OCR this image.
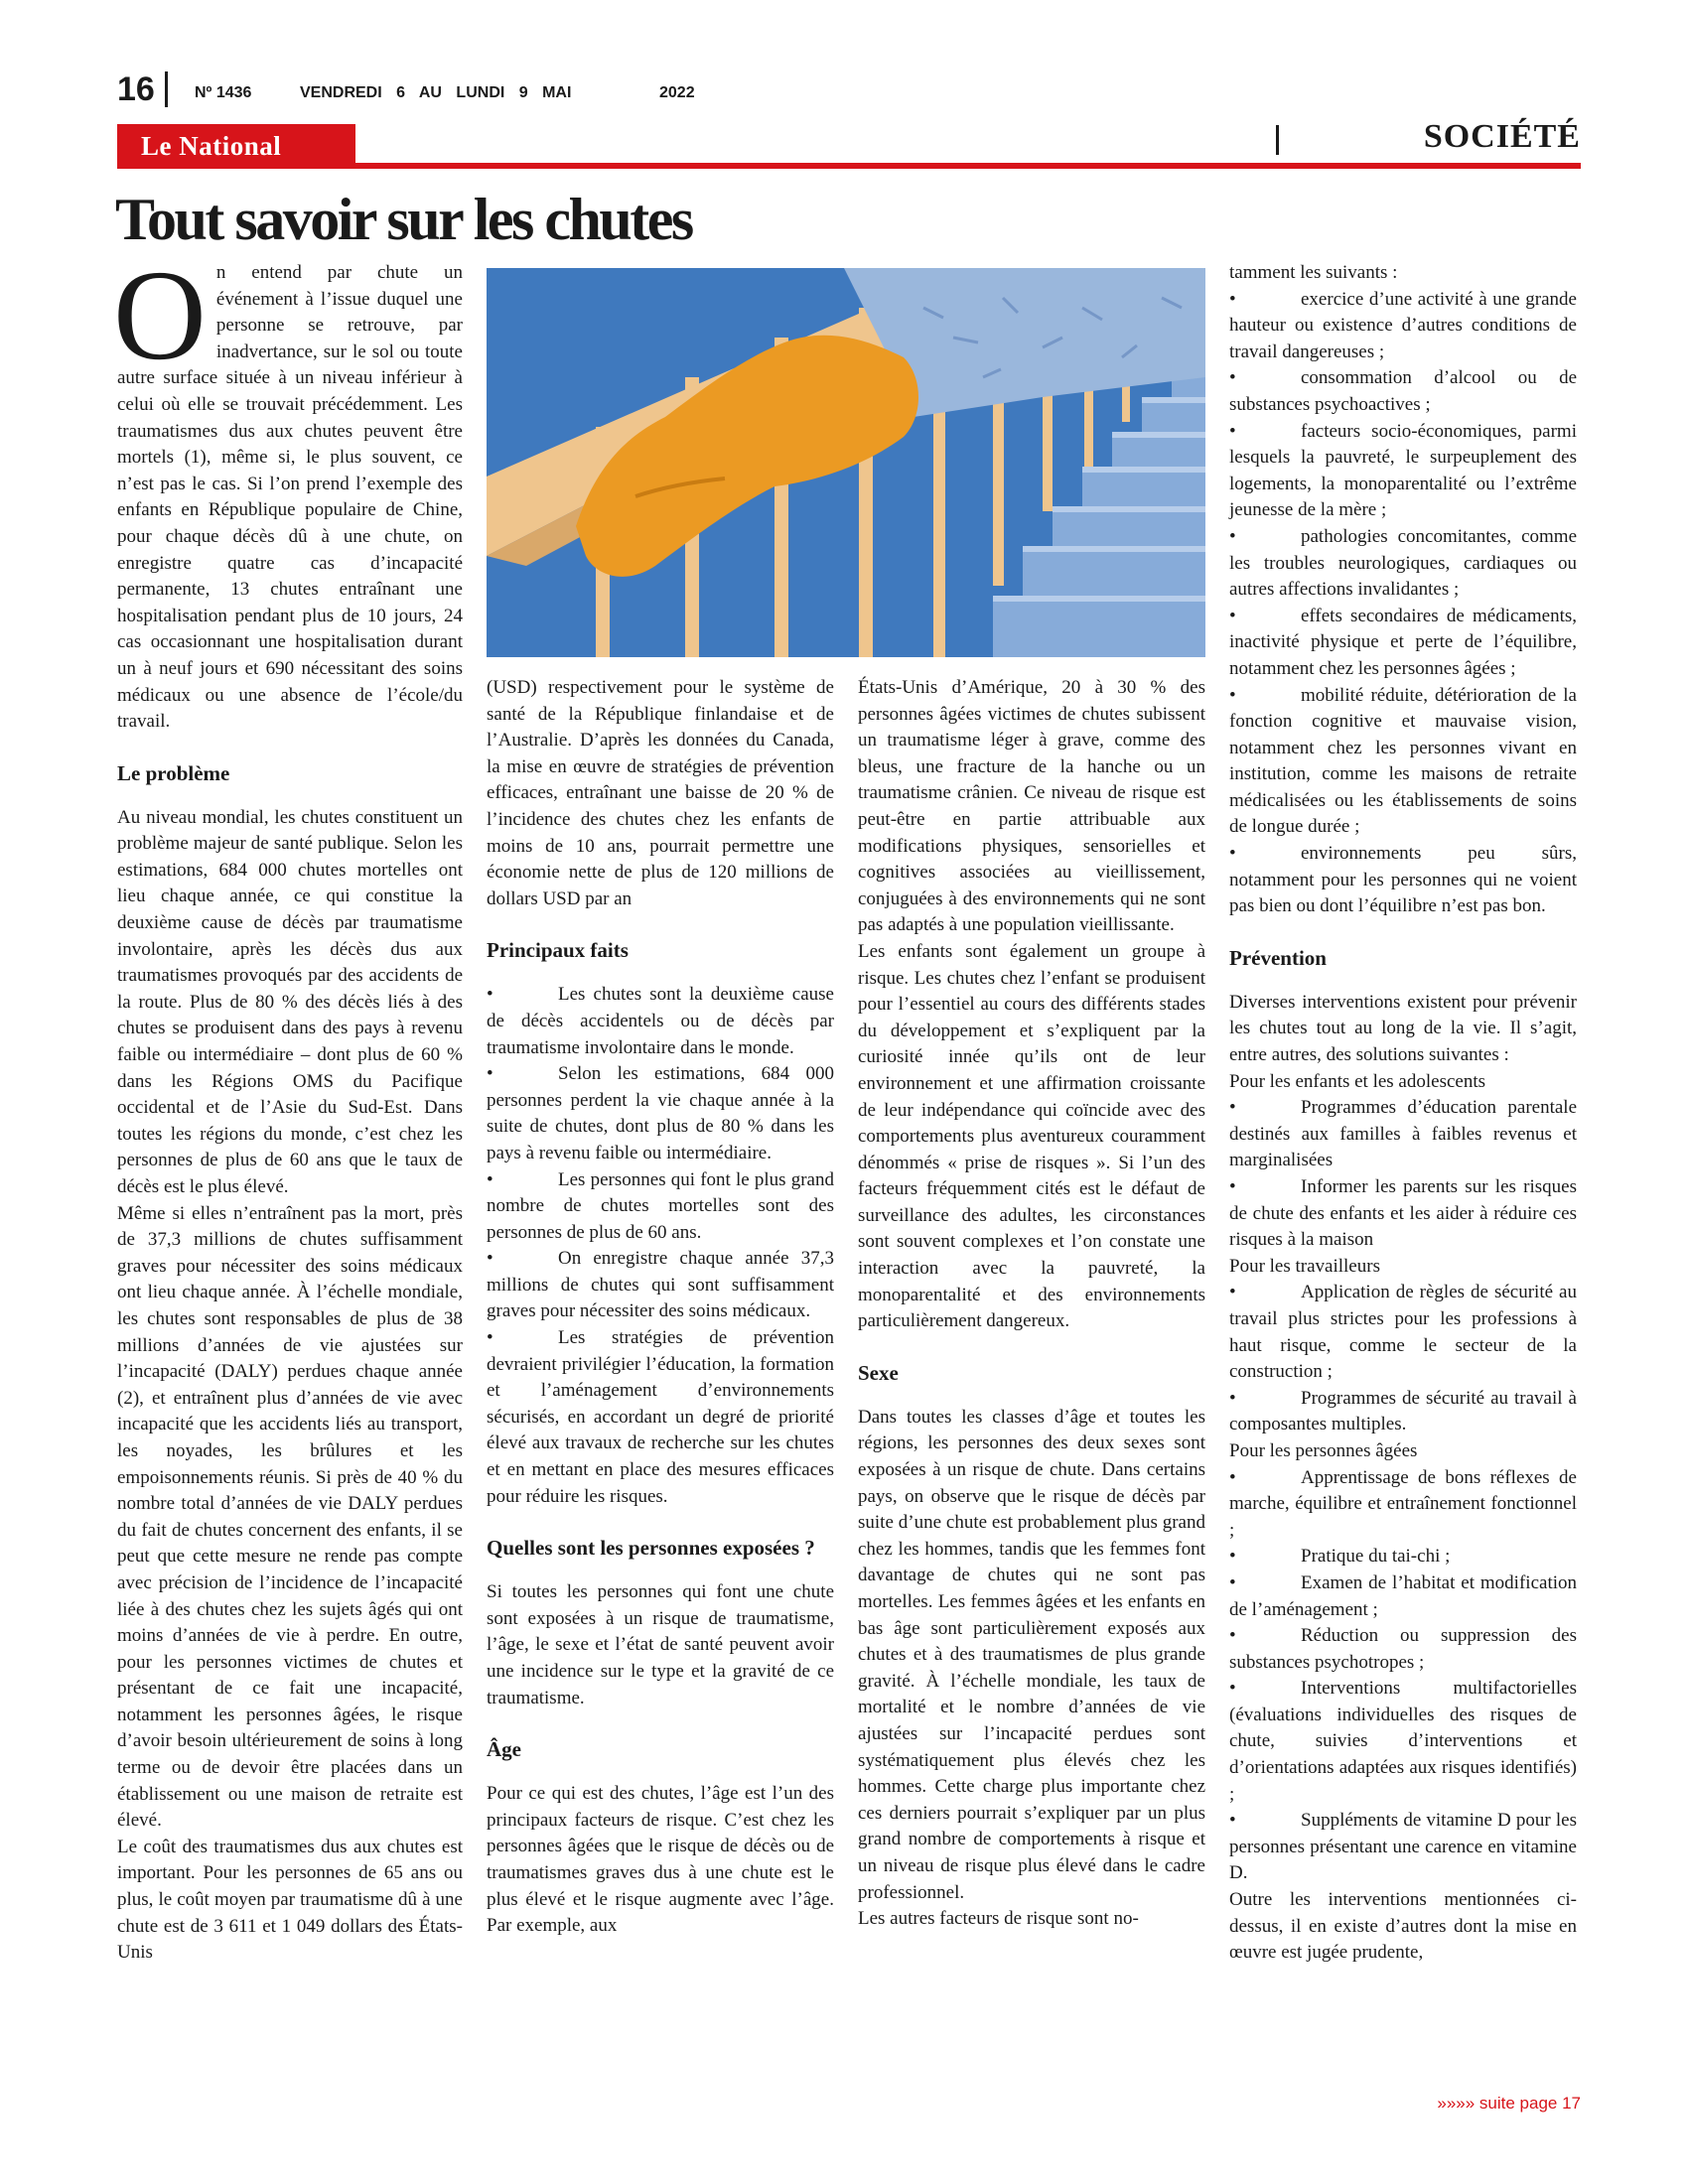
16	Nº 1436	VENDREDI 6 AU LUNDI 9 MAI	2022
Le National	SOCIÉTÉ
Tout savoir sur les chutes
O n entend par chute un événement à l’issue duquel une personne se retrouve, par inadvertance, sur le sol ou toute autre surface située à un niveau inférieur à celui où elle se trouvait précédemment. Les traumatismes dus aux chutes peuvent être mortels (1), même si, le plus souvent, ce n’est pas le cas. Si l’on prend l’exemple des enfants en République populaire de Chine, pour chaque décès dû à une chute, on enregistre quatre cas d’incapacité permanente, 13 chutes entraînant une hospitalisation pendant plus de 10 jours, 24 cas occasionnant une hospitalisation durant un à neuf jours et 690 nécessitant des soins médicaux ou une absence de l’école/du travail.

Le problème

Au niveau mondial, les chutes constituent un problème majeur de santé publique. Selon les estimations, 684 000 chutes mortelles ont lieu chaque année, ce qui constitue la deuxième cause de décès par traumatisme involontaire, après les décès dus aux traumatismes provoqués par des accidents de la route. Plus de 80 % des décès liés à des chutes se produisent dans des pays à revenu faible ou intermédiaire – dont plus de 60 % dans les Régions OMS du Pacifique occidental et de l’Asie du Sud-Est. Dans toutes les régions du monde, c’est chez les personnes de plus de 60 ans que le taux de décès est le plus élevé.

Même si elles n’entraînent pas la mort, près de 37,3 millions de chutes suffisamment graves pour nécessiter des soins médicaux ont lieu chaque année. À l’échelle mondiale, les chutes sont responsables de plus de 38 millions d’années de vie ajustées sur l’incapacité (DALY) perdues chaque année (2), et entraînent plus d’années de vie avec incapacité que les accidents liés au transport, les noyades, les brûlures et les empoisonnements réunis. Si près de 40 % du nombre total d’années de vie DALY perdues du fait de chutes concernent des enfants, il se peut que cette mesure ne rende pas compte avec précision de l’incidence de l’incapacité liée à des chutes chez les sujets âgés qui ont moins d’années de vie à perdre. En outre, pour les personnes victimes de chutes et présentant de ce fait une incapacité, notamment les personnes âgées, le risque d’avoir besoin ultérieurement de soins à long terme ou de devoir être placées dans un établissement ou une maison de retraite est élevé.

Le coût des traumatismes dus aux chutes est important. Pour les personnes de 65 ans ou plus, le coût moyen par traumatisme dû à une chute est de 3 611 et 1 049 dollars des États-Unis

(USD) respectivement pour le système de santé de la République finlandaise et de l’Australie. D’après les données du Canada, la mise en œuvre de stratégies de prévention efficaces, entraînant une baisse de 20 % de l’incidence des chutes chez les enfants de moins de 10 ans, pourrait permettre une économie nette de plus de 120 millions de dollars USD par an

Principaux faits

•	Les chutes sont la deuxième cause de décès accidentels ou de décès par traumatisme involontaire dans le monde.

•	Selon les estimations, 684 000 personnes perdent la vie chaque année à la suite de chutes, dont plus de 80 % dans les pays à revenu faible ou intermédiaire.

•	Les personnes qui font le plus grand nombre de chutes mortelles sont des personnes de plus de 60 ans.

•	On enregistre chaque année 37,3 millions de chutes qui sont suffisamment graves pour nécessiter des soins médicaux.

•	Les stratégies de prévention devraient privilégier l’éducation, la formation et l’aménagement d’environnements sécurisés, en accordant un degré de priorité élevé aux travaux de recherche sur les chutes et en mettant en place des mesures efficaces pour réduire les risques.

Quelles sont les personnes exposées ?

Si toutes les personnes qui font une chute sont exposées à un risque de traumatisme, l’âge, le sexe et l’état de santé peuvent avoir une incidence sur le type et la gravité de ce traumatisme.

Âge

Pour ce qui est des chutes, l’âge est l’un des principaux facteurs de risque. C’est chez les personnes âgées que le risque de décès ou de traumatismes graves dus à une chute est le plus élevé et le risque augmente avec l’âge. Par exemple, aux

États-Unis d’Amérique, 20 à 30 % des personnes âgées victimes de chutes subissent un traumatisme léger à grave, comme des bleus, une fracture de la hanche ou un traumatisme crânien. Ce niveau de risque est peut-être en partie attribuable aux modifications physiques, sensorielles et cognitives associées au vieillissement, conjuguées à des environnements qui ne sont pas adaptés à une population vieillissante.

Les enfants sont également un groupe à risque. Les chutes chez l’enfant se produisent pour l’essentiel au cours des différents stades du développement et s’expliquent par la curiosité innée qu’ils ont de leur environnement et une affirmation croissante de leur indépendance qui coïncide avec des comportements plus aventureux couramment dénommés « prise de risques ». Si l’un des facteurs fréquemment cités est le défaut de surveillance des adultes, les circonstances sont souvent complexes et l’on constate une interaction avec la pauvreté, la monoparentalité et des environnements particulièrement dangereux.

Sexe

Dans toutes les classes d’âge et toutes les régions, les personnes des deux sexes sont exposées à un risque de chute. Dans certains pays, on observe que le risque de décès par suite d’une chute est probablement plus grand chez les hommes, tandis que les femmes font davantage de chutes qui ne sont pas mortelles. Les femmes âgées et les enfants en bas âge sont particulièrement exposés aux chutes et à des traumatismes de plus grande gravité. À l’échelle mondiale, les taux de mortalité et le nombre d’années de vie ajustées sur l’incapacité perdues sont systématiquement plus élevés chez les hommes. Cette charge plus importante chez ces derniers pourrait s’expliquer par un plus grand nombre de comportements à risque et un niveau de risque plus élevé dans le cadre professionnel.

Les autres facteurs de risque sont no-

tamment les suivants :

•	exercice d’une activité à une grande hauteur ou existence d’autres conditions de travail dangereuses ;

•	consommation d’alcool ou de substances psychoactives ;

•	facteurs socio-économiques, parmi lesquels la pauvreté, le surpeuplement des logements, la monoparentalité ou l’extrême jeunesse de la mère ;

•	pathologies concomitantes, comme les troubles neurologiques, cardiaques ou autres affections invalidantes ;

•	effets secondaires de médicaments, inactivité physique et perte de l’équilibre, notamment chez les personnes âgées ;

•	mobilité réduite, détérioration de la fonction cognitive et mauvaise vision, notamment chez les personnes vivant en institution, comme les maisons de retraite médicalisées ou les établissements de soins de longue durée ;

•	environnements peu sûrs, notamment pour les personnes qui ne voient pas bien ou dont l’équilibre n’est pas bon.

Prévention

Diverses interventions existent pour prévenir les chutes tout au long de la vie. Il s’agit, entre autres, des solutions suivantes :

Pour les enfants et les adolescents

•	Programmes d’éducation parentale destinés aux familles à faibles revenus et marginalisées

•	Informer les parents sur les risques de chute des enfants et les aider à réduire ces risques à la maison

Pour les travailleurs

•	Application de règles de sécurité au travail plus strictes pour les professions à haut risque, comme le secteur de la construction ;

•	Programmes de sécurité au travail à composantes multiples.

Pour les personnes âgées

•	Apprentissage de bons réflexes de marche, équilibre et entraînement fonctionnel ;

•	Pratique du tai-chi ;

•	Examen de l’habitat et modification de l’aménagement ;

•	Réduction ou suppression des substances psychotropes ;

•	Interventions multifactorielles (évaluations individuelles des risques de chute, suivies d’interventions et d’orientations adaptées aux risques identifiés) ;

•	Suppléments de vitamine D pour les personnes présentant une carence en vitamine D.

Outre les interventions mentionnées ci-dessus, il en existe d’autres dont la mise en œuvre est jugée prudente,

»»»» suite page 17
